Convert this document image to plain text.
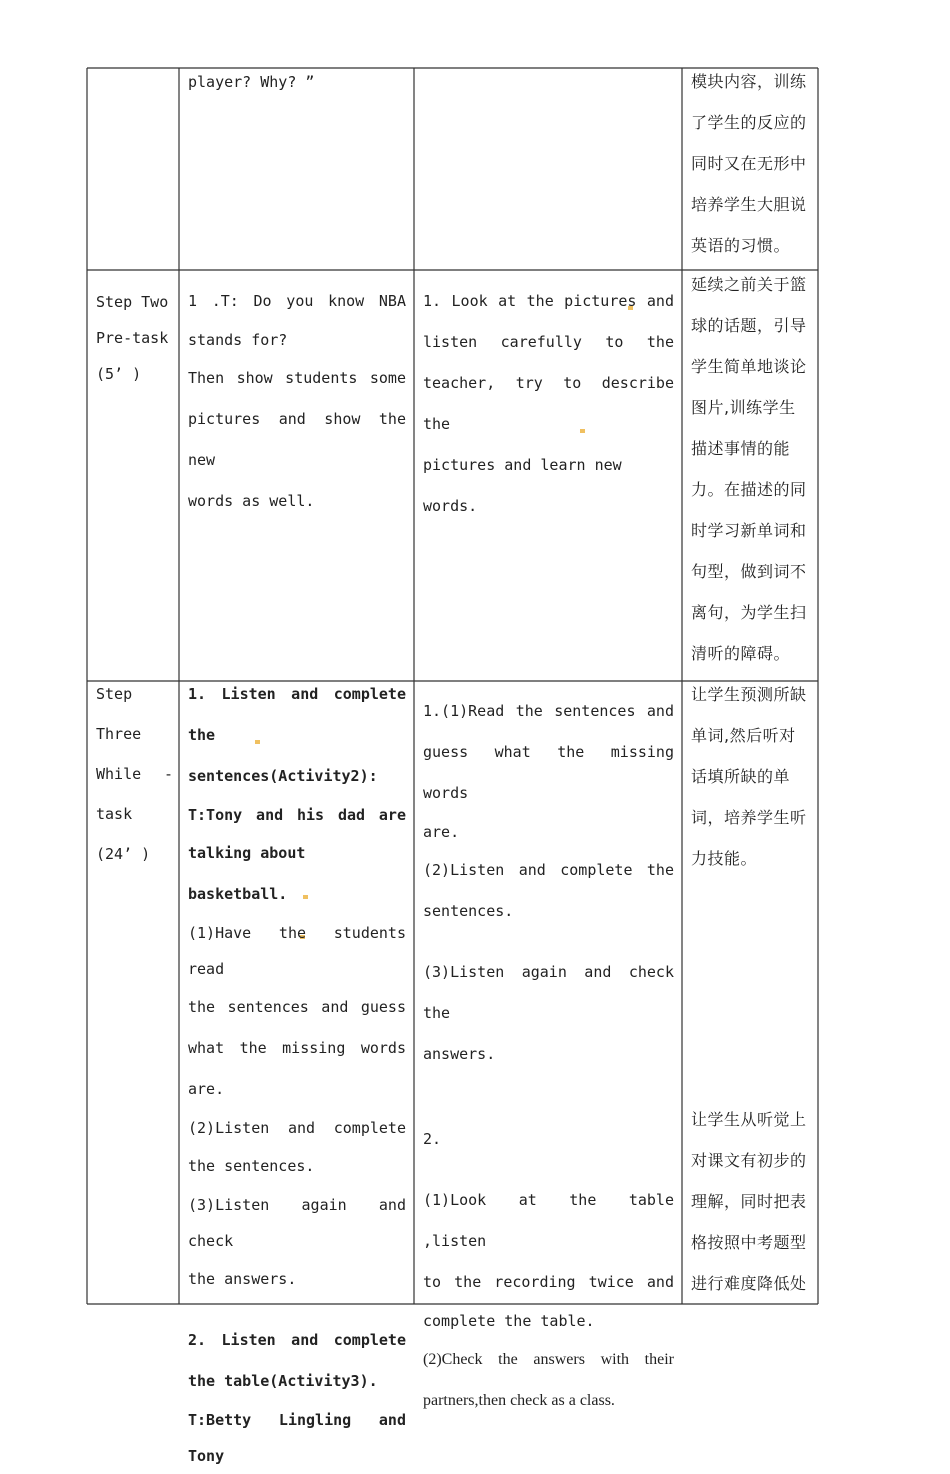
player? Why? ”	模块内容，训练

了学生的反应的

同时又在无形中

培养学生大胆说

英语的习惯。

Step Two

Pre-task

(5’ )

1 .T: Do you know NBA

stands for?

Then show students some

pictures and show the new

words as well.

1. Look at the pictures and

listen carefully to the

teacher, try to describe the

pictures and learn new words.

延续之前关于篮

球的话题，引导

学生简单地谈论

图片,训练学生

描述事情的能

力。在描述的同

时学习新单词和

句型，做到词不

离句，为学生扫

清听的障碍。

Step

Three

While -

task

(24’ )

1. Listen and complete

the sentences(Activity2):

T:Tony and his dad are

talking about basketball.

(1)Have the students read

the sentences and guess

what the missing words

are.

(2)Listen and complete

the sentences.

(3)Listen again and check

the answers.

2. Listen and complete

the table(Activity3).

T:Betty Lingling and Tony

1.(1)Read the sentences and

guess what the missing words

are.

(2)Listen and complete the

sentences.

(3)Listen again and check the

answers.

2.

(1)Look at the table ,listen

to the recording twice and

complete the table.

(2)Check the answers with their

partners,then check as a class.

让学生预测所缺

单词,然后听对

话填所缺的单

词，培养学生听

力技能。

让学生从听觉上

对课文有初步的

理解，同时把表

格按照中考题型

进行难度降低处
